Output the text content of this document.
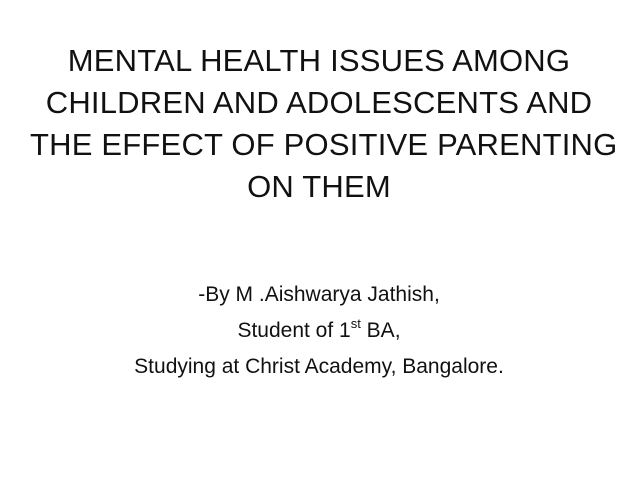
MENTAL HEALTH ISSUES AMONG
CHILDREN AND ADOLESCENTS AND
THE EFFECT OF POSITIVE PARENTING
ON THEM
-By M .Aishwarya Jathish,
Student of 1st BA,
Studying at Christ Academy, Bangalore.
